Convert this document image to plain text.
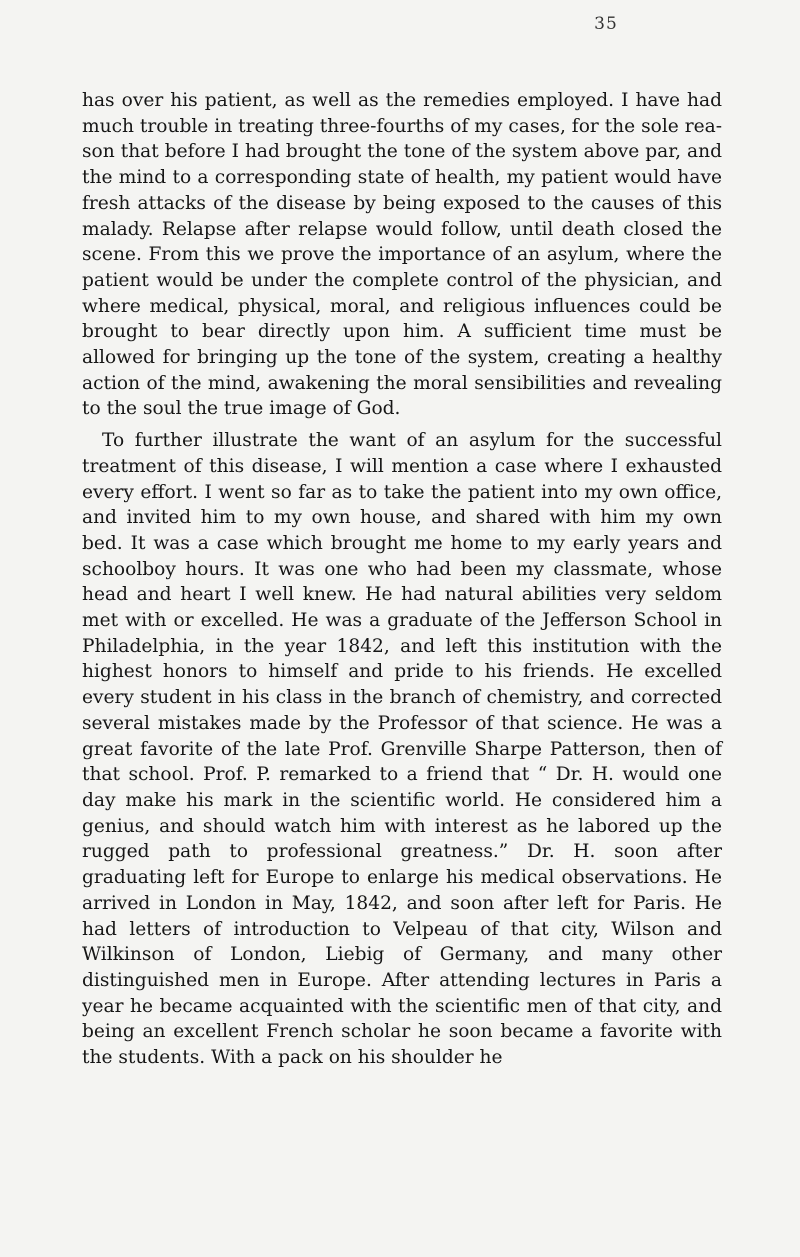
35

has over his patient, as well as the remedies employed. I have had much trouble in treating three-fourths of my cases, for the sole reason that before I had brought the tone of the system above par, and the mind to a corresponding state of health, my patient would have fresh attacks of the disease by being exposed to the causes of this malady. Relapse after relapse would follow, until death closed the scene. From this we prove the importance of an asylum, where the patient would be under the complete control of the physician, and where medical, physical, moral, and religious influences could be brought to bear directly upon him. A sufficient time must be allowed for bringing up the tone of the system, creating a healthy action of the mind, awakening the moral sensibilities and revealing to the soul the true image of God.

To further illustrate the want of an asylum for the successful treatment of this disease, I will mention a case where I exhausted every effort. I went so far as to take the patient into my own office, and invited him to my own house, and shared with him my own bed. It was a case which brought me home to my early years and schoolboy hours. It was one who had been my classmate, whose head and heart I well knew. He had natural abilities very seldom met with or excelled. He was a graduate of the Jefferson School in Philadelphia, in the year 1842, and left this institution with the highest honors to himself and pride to his friends. He excelled every student in his class in the branch of chemistry, and corrected several mistakes made by the Professor of that science. He was a great favorite of the late Prof. Grenville Sharpe Patterson, then of that school. Prof. P. remarked to a friend that “ Dr. H. would one day make his mark in the scientific world. He considered him a genius, and should watch him with interest as he labored up the rugged path to professional greatness.” Dr. H. soon after graduating left for Europe to enlarge his medical observations. He arrived in London in May, 1842, and soon after left for Paris. He had letters of introduction to Velpeau of that city, Wilson and Wilkinson of London, Liebig of Germany, and many other distinguished men in Europe. After attending lectures in Paris a year he became acquainted with the scientific men of that city, and being an excellent French scholar he soon became a favorite with the students. With a pack on his shoulder he
